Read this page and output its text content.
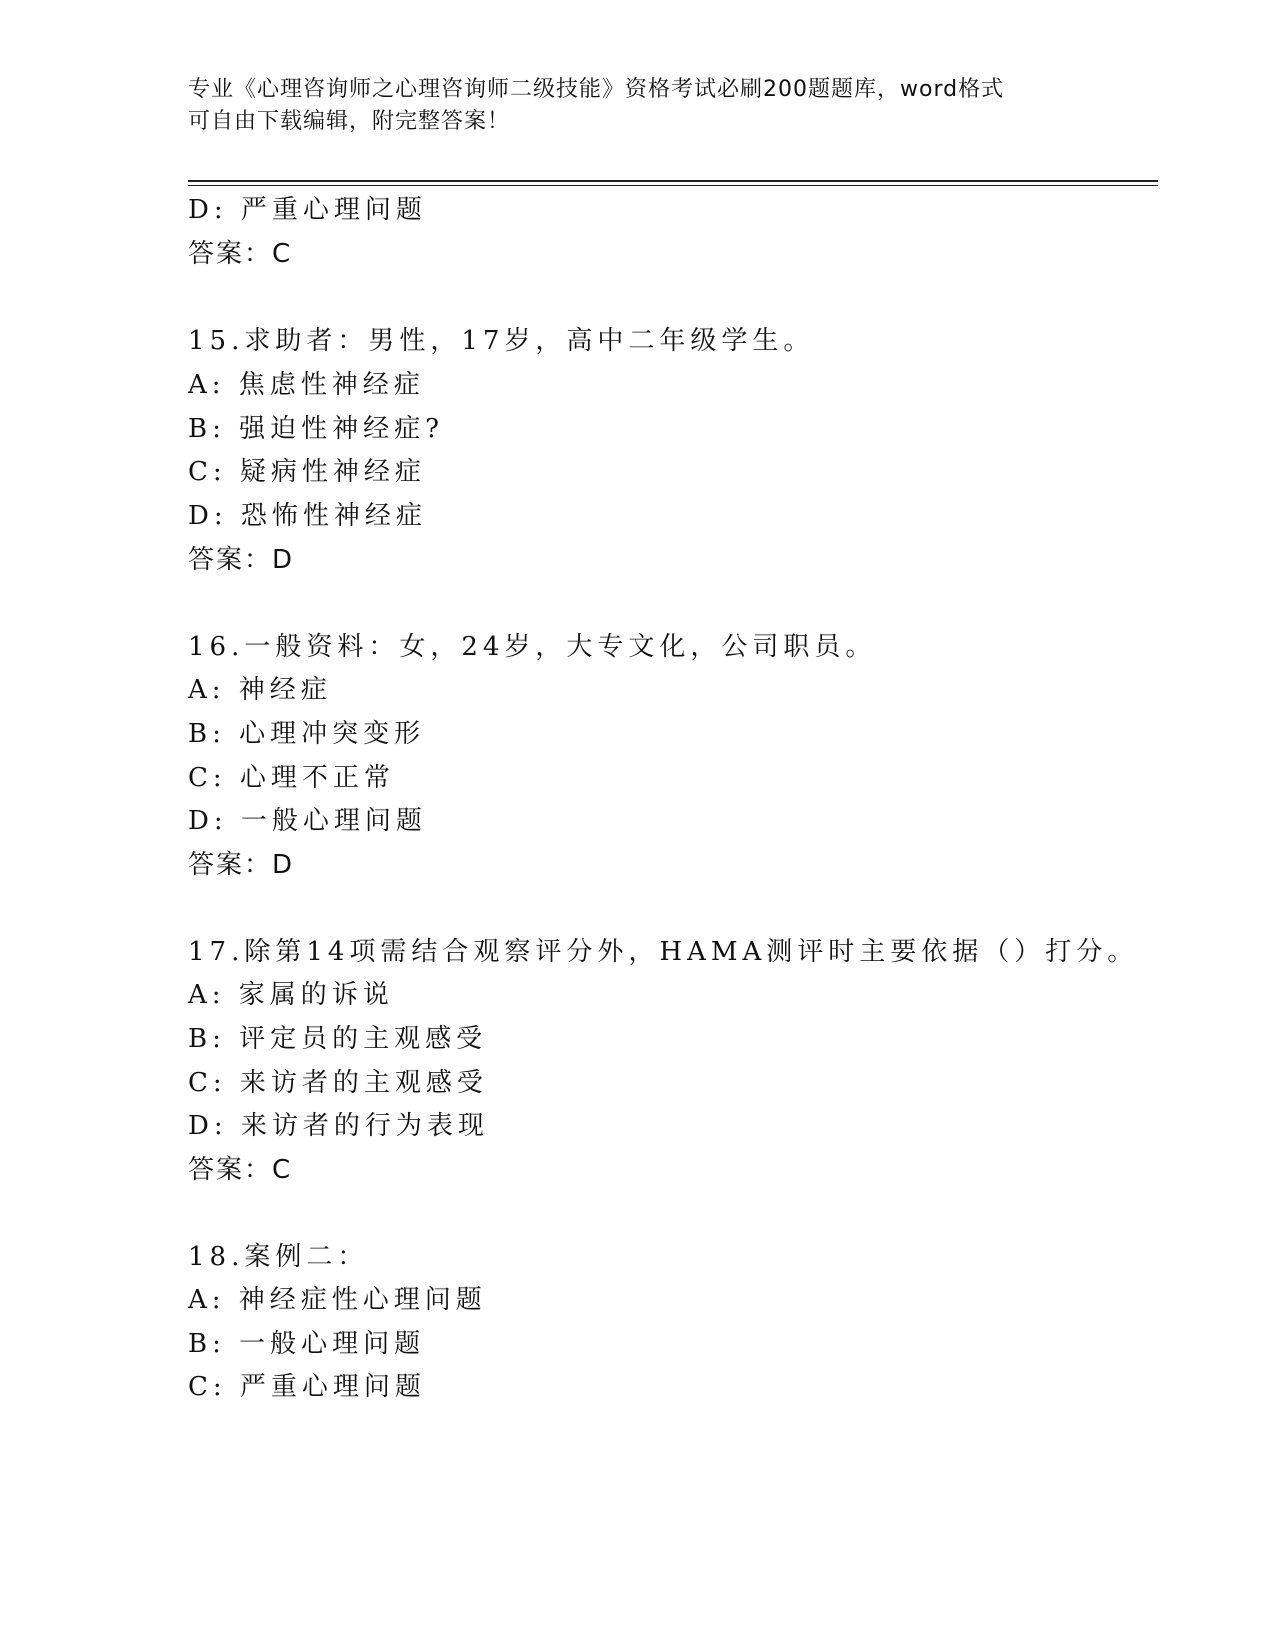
专业《心理咨询师之心理咨询师二级技能》资格考试必刷200题题库，word格式
可自由下载编辑，附完整答案！
D: 严重心理问题
答案：C
15.求助者：男性，17岁，高中二年级学生。
A: 焦虑性神经症
B: 强迫性神经症?
C: 疑病性神经症
D: 恐怖性神经症
答案：D
16.一般资料：女，24岁，大专文化，公司职员。
A: 神经症
B: 心理冲突变形
C: 心理不正常
D: 一般心理问题
答案：D
17.除第14项需结合观察评分外，HAMA测评时主要依据（）打分。
A: 家属的诉说
B: 评定员的主观感受
C: 来访者的主观感受
D: 来访者的行为表现
答案：C
18.案例二：
A: 神经症性心理问题
B: 一般心理问题
C: 严重心理问题
